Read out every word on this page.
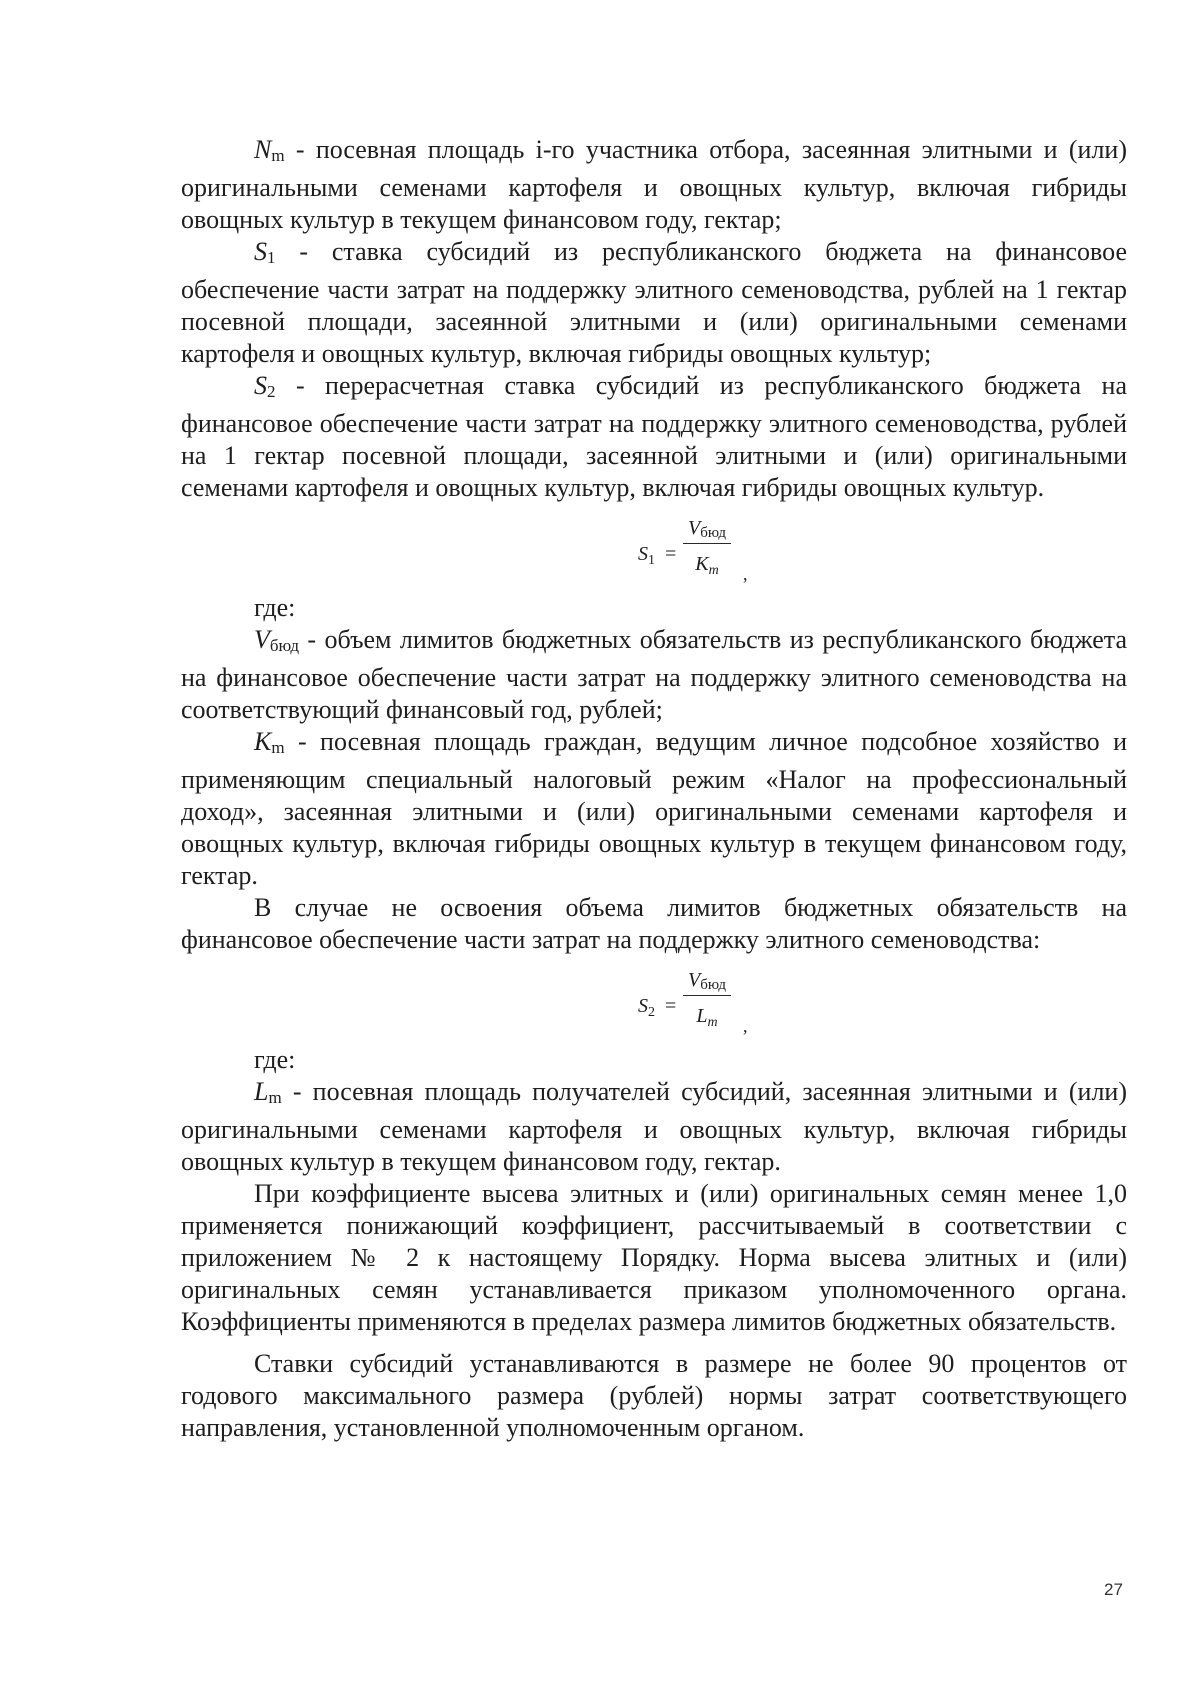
Nm - посевная площадь i-го участника отбора, засеянная элитными и (или) оригинальными семенами картофеля и овощных культур, включая гибриды овощных культур в текущем финансовом году, гектар;

S1 - ставка субсидий из республиканского бюджета на финансовое обеспечение части затрат на поддержку элитного семеноводства, рублей на 1 гектар посевной площади, засеянной элитными и (или) оригинальными семенами картофеля и овощных культур, включая гибриды овощных культур;

S2 - перерасчетная ставка субсидий из республиканского бюджета на финансовое обеспечение части затрат на поддержку элитного семеноводства, рублей на 1 гектар посевной площади, засеянной элитными и (или) оригинальными семенами картофеля и овощных культур, включая гибриды овощных культур.

$S_1$ =
Vбюд
$K_m$	,

где:

Vбюд - объем лимитов бюджетных обязательств из республиканского бюджета на финансовое обеспечение части затрат на поддержку элитного семеноводства на соответствующий финансовый год, рублей;

Km - посевная площадь граждан, ведущим личное подсобное хозяйство и применяющим специальный налоговый режим «Налог на профессиональный доход», засеянная элитными и (или) оригинальными семенами картофеля и овощных культур, включая гибриды овощных культур в текущем финансовом году, гектар.

В случае не освоения объема лимитов бюджетных обязательств на финансовое обеспечение части затрат на поддержку элитного семеноводства:

$S_2$ =
Vбюд
$L_m$	,

где:

Lm - посевная площадь получателей субсидий, засеянная элитными и (или) оригинальными семенами картофеля и овощных культур, включая гибриды овощных культур в текущем финансовом году, гектар.

При коэффициенте высева элитных и (или) оригинальных семян менее 1,0 применяется понижающий коэффициент, рассчитываемый в соответствии с приложением № 2 к настоящему Порядку. Норма высева элитных и (или) оригинальных семян устанавливается приказом уполномоченного органа. Коэффициенты применяются в пределах размера лимитов бюджетных обязательств.

Ставки субсидий устанавливаются в размере не более 90 процентов от годового максимального размера (рублей) нормы затрат соответствующего направления, установленной уполномоченным органом.

27
